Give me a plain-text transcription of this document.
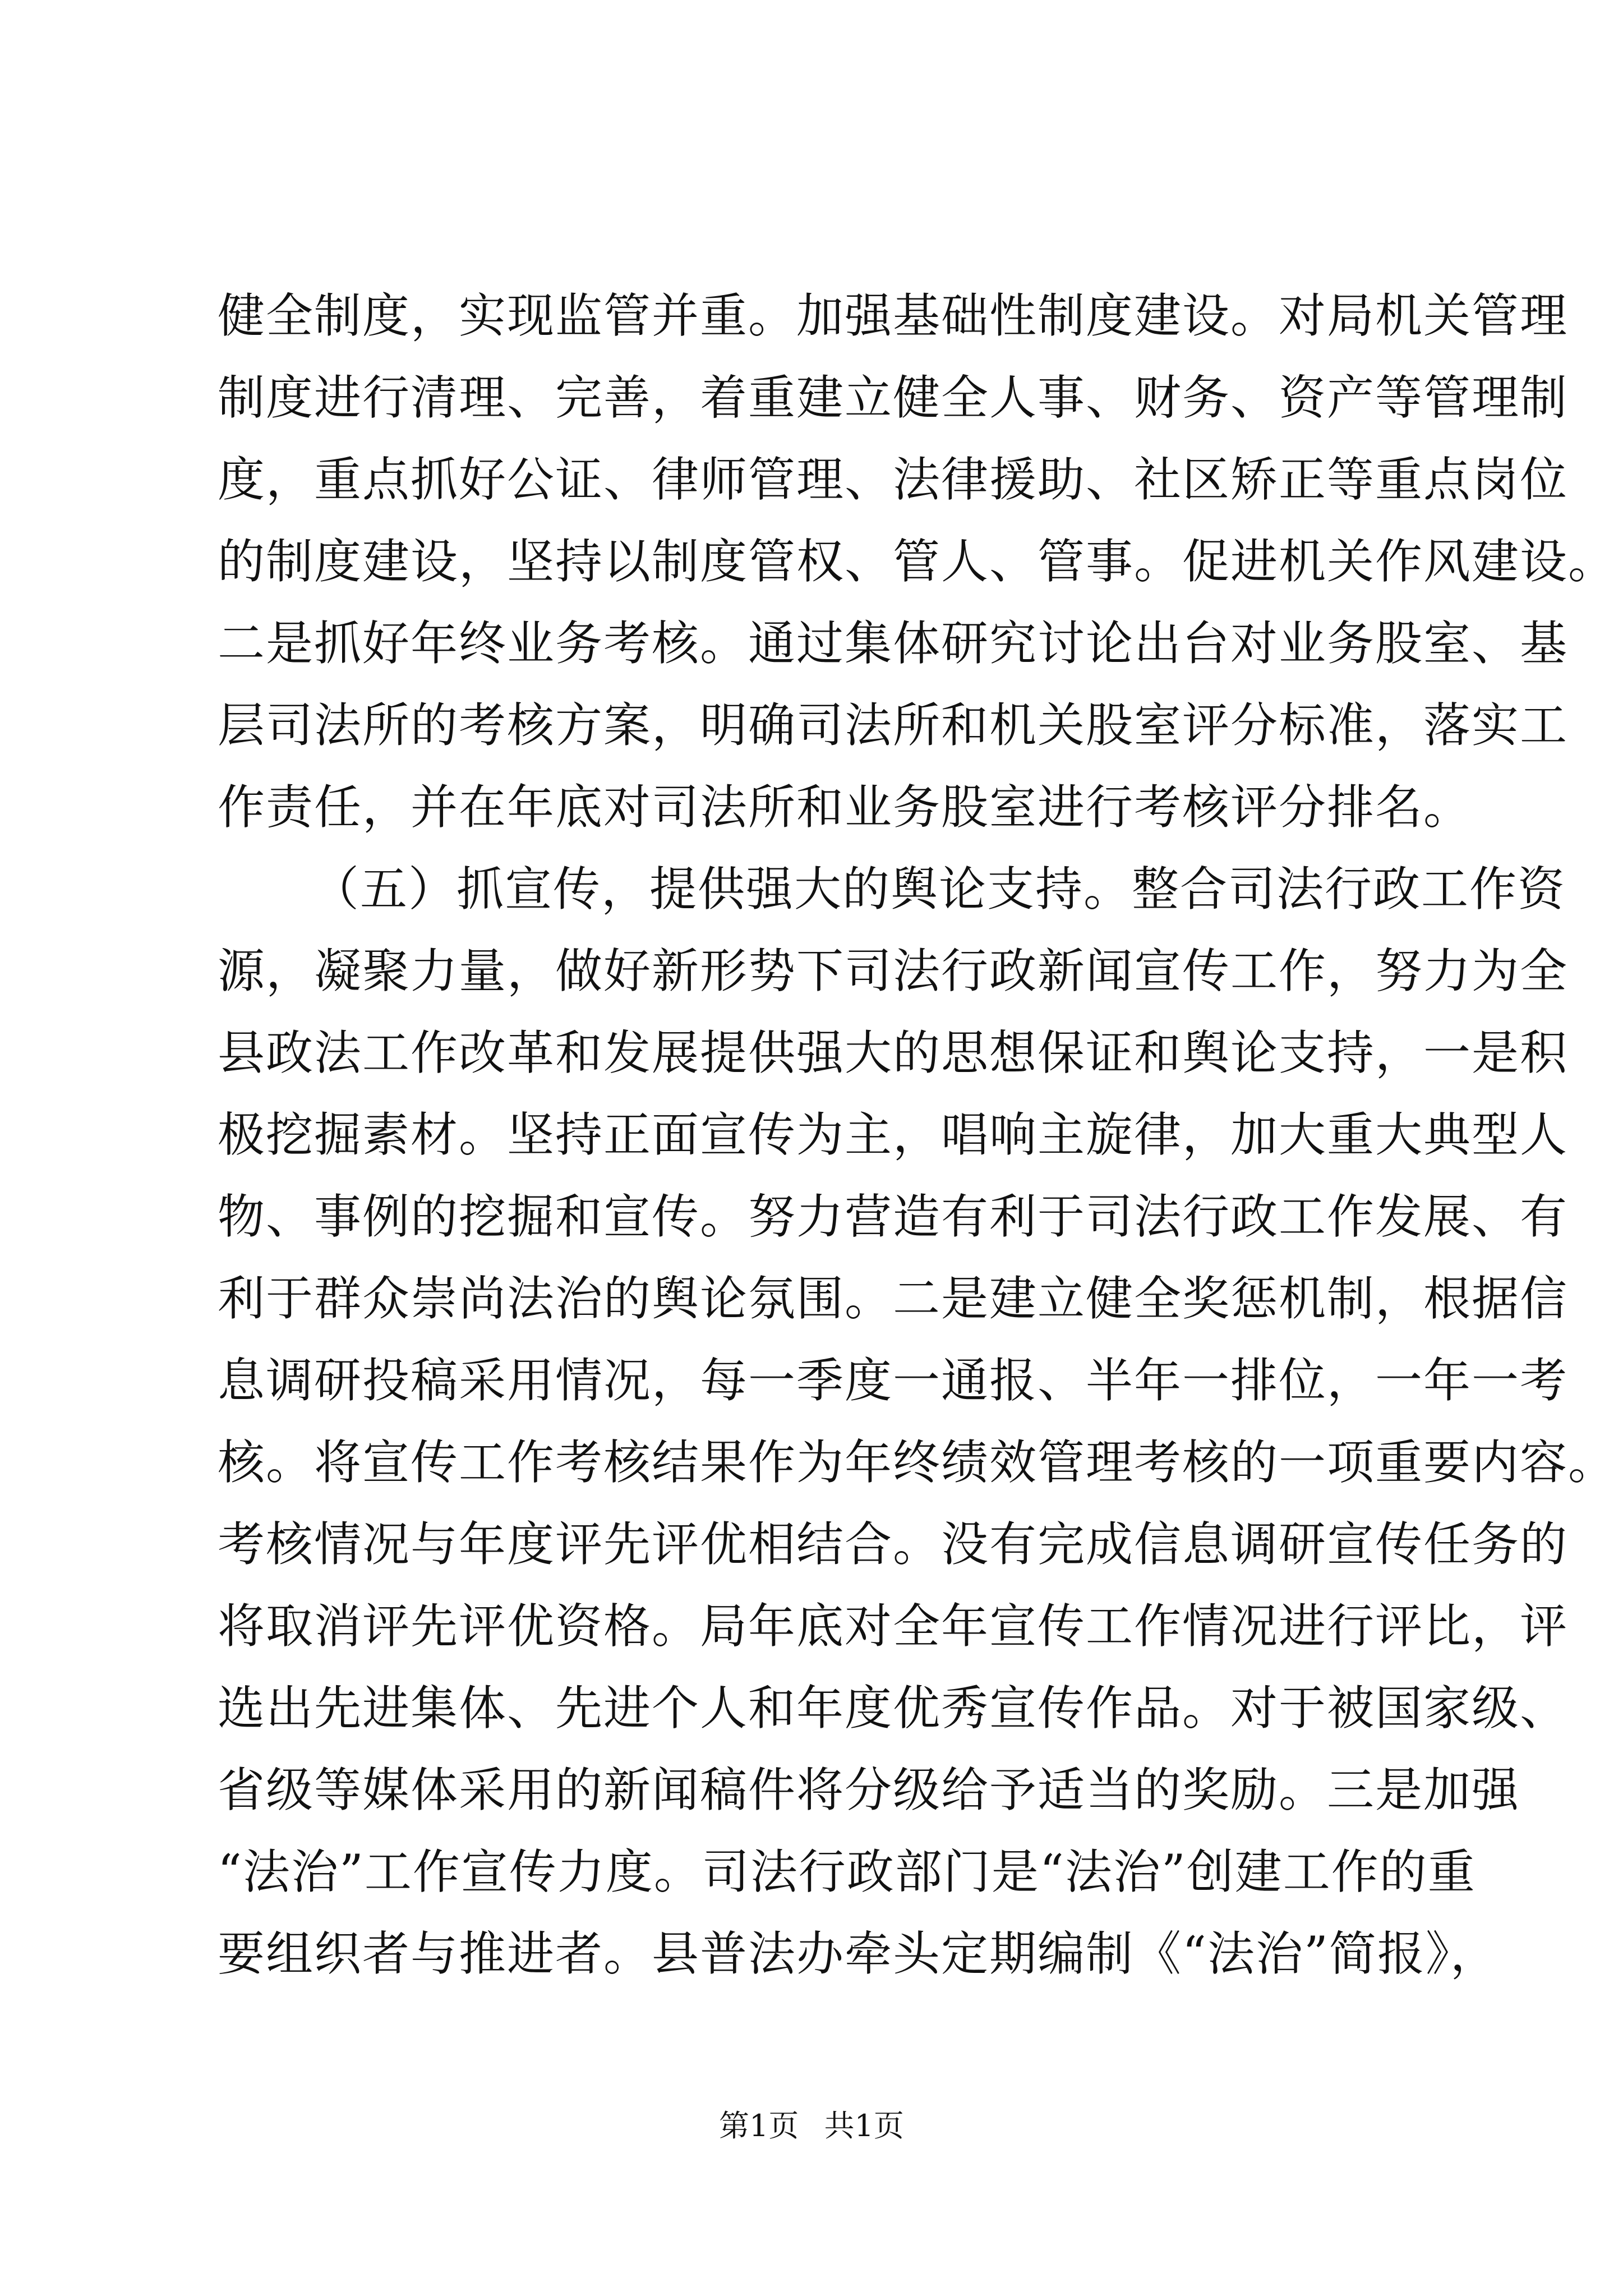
健全制度，实现监管并重。加强基础性制度建设。对局机关管理
制度进行清理、完善，着重建立健全人事、财务、资产等管理制
度，重点抓好公证、律师管理、法律援助、社区矫正等重点岗位
的制度建设，坚持以制度管权、管人、管事。促进机关作风建设。
二是抓好年终业务考核。通过集体研究讨论出台对业务股室、基
层司法所的考核方案，明确司法所和机关股室评分标准，落实工
作责任，并在年底对司法所和业务股室进行考核评分排名。
（五）抓宣传，提供强大的舆论支持。整合司法行政工作资
源，凝聚力量，做好新形势下司法行政新闻宣传工作，努力为全
县政法工作改革和发展提供强大的思想保证和舆论支持，一是积
极挖掘素材。坚持正面宣传为主，唱响主旋律，加大重大典型人
物、事例的挖掘和宣传。努力营造有利于司法行政工作发展、有
利于群众崇尚法治的舆论氛围。二是建立健全奖惩机制，根据信
息调研投稿采用情况，每一季度一通报、半年一排位，一年一考
核。将宣传工作考核结果作为年终绩效管理考核的一项重要内容。
考核情况与年度评先评优相结合。没有完成信息调研宣传任务的
将取消评先评优资格。局年底对全年宣传工作情况进行评比，评
选出先进集体、先进个人和年度优秀宣传作品。对于被国家级、
省级等媒体采用的新闻稿件将分级给予适当的奖励。三是加强
“法治”工作宣传力度。司法行政部门是“法治”创建工作的重
要组织者与推进者。县普法办牵头定期编制《“法治”简报》，
第1页 共1页
